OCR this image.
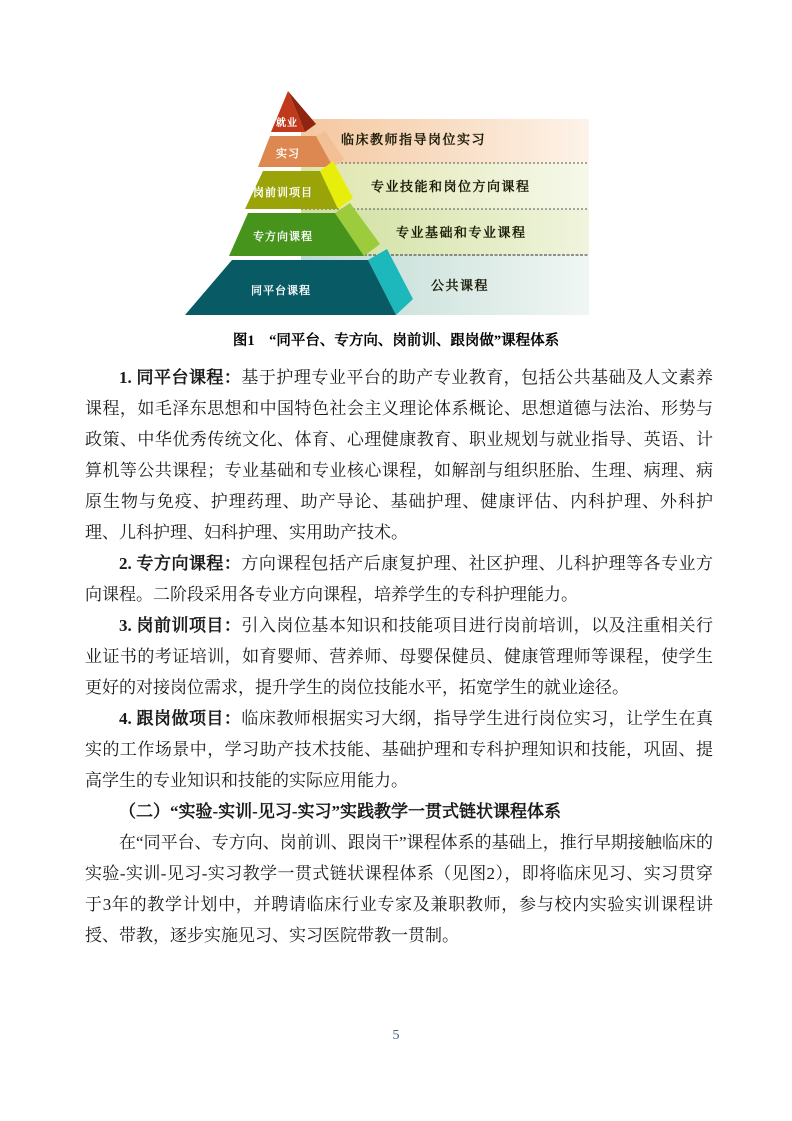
就业
实习
岗前训项目
专方向课程
同平台课程
临床教师指导岗位实习
专业技能和岗位方向课程
专业基础和专业课程
公共课程
图1　“同平台、专方向、岗前训、跟岗做”课程体系

1. 同平台课程：基于护理专业平台的助产专业教育，包括公共基础及人文素养课程，如毛泽东思想和中国特色社会主义理论体系概论、思想道德与法治、形势与政策、中华优秀传统文化、体育、心理健康教育、职业规划与就业指导、英语、计算机等公共课程；专业基础和专业核心课程，如解剖与组织胚胎、生理、病理、病原生物与免疫、护理药理、助产导论、基础护理、健康评估、内科护理、外科护理、儿科护理、妇科护理、实用助产技术。

2. 专方向课程：方向课程包括产后康复护理、社区护理、儿科护理等各专业方向课程。二阶段采用各专业方向课程，培养学生的专科护理能力。

3. 岗前训项目：引入岗位基本知识和技能项目进行岗前培训，以及注重相关行业证书的考证培训，如育婴师、营养师、母婴保健员、健康管理师等课程，使学生更好的对接岗位需求，提升学生的岗位技能水平，拓宽学生的就业途径。

4. 跟岗做项目：临床教师根据实习大纲，指导学生进行岗位实习，让学生在真实的工作场景中，学习助产技术技能、基础护理和专科护理知识和技能，巩固、提高学生的专业知识和技能的实际应用能力。

（二）“实验-实训-见习-实习”实践教学一贯式链状课程体系

在“同平台、专方向、岗前训、跟岗干”课程体系的基础上，推行早期接触临床的实验-实训-见习-实习教学一贯式链状课程体系（见图2），即将临床见习、实习贯穿于3年的教学计划中，并聘请临床行业专家及兼职教师，参与校内实验实训课程讲授、带教，逐步实施见习、实习医院带教一贯制。

5
